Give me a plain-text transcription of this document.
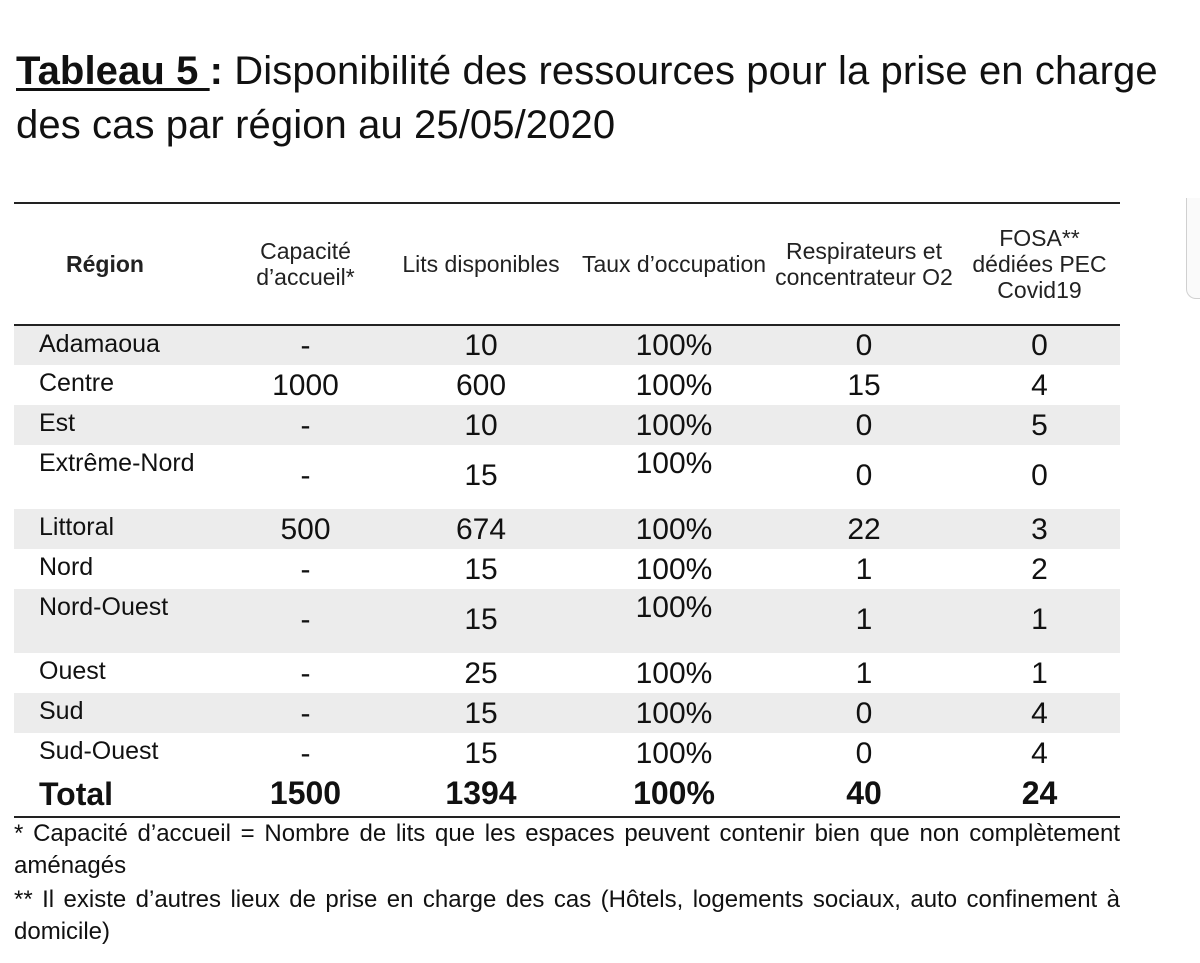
Tableau 5 : Disponibilité des ressources pour la prise en charge des cas par région au 25/05/2020
Région	Capacité d’accueil*	Lits disponibles	Taux d’occupation	Respirateurs et concentrateur O2	FOSA** dédiées PEC Covid19
Adamaoua	-	10	100%	0	0
Centre	1000	600	100%	15	4
Est	-	10	100%	0	5
Extrême-Nord	-	15	100%	0	0
Littoral	500	674	100%	22	3
Nord	-	15	100%	1	2
Nord-Ouest	-	15	100%	1	1
Ouest	-	25	100%	1	1
Sud	-	15	100%	0	4
Sud-Ouest	-	15	100%	0	4
Total	1500	1394	100%	40	24

* Capacité d’accueil = Nombre de lits que les espaces peuvent contenir bien que non complètement aménagés

** Il existe d’autres lieux de prise en charge des cas (Hôtels, logements sociaux, auto confinement à domicile)
